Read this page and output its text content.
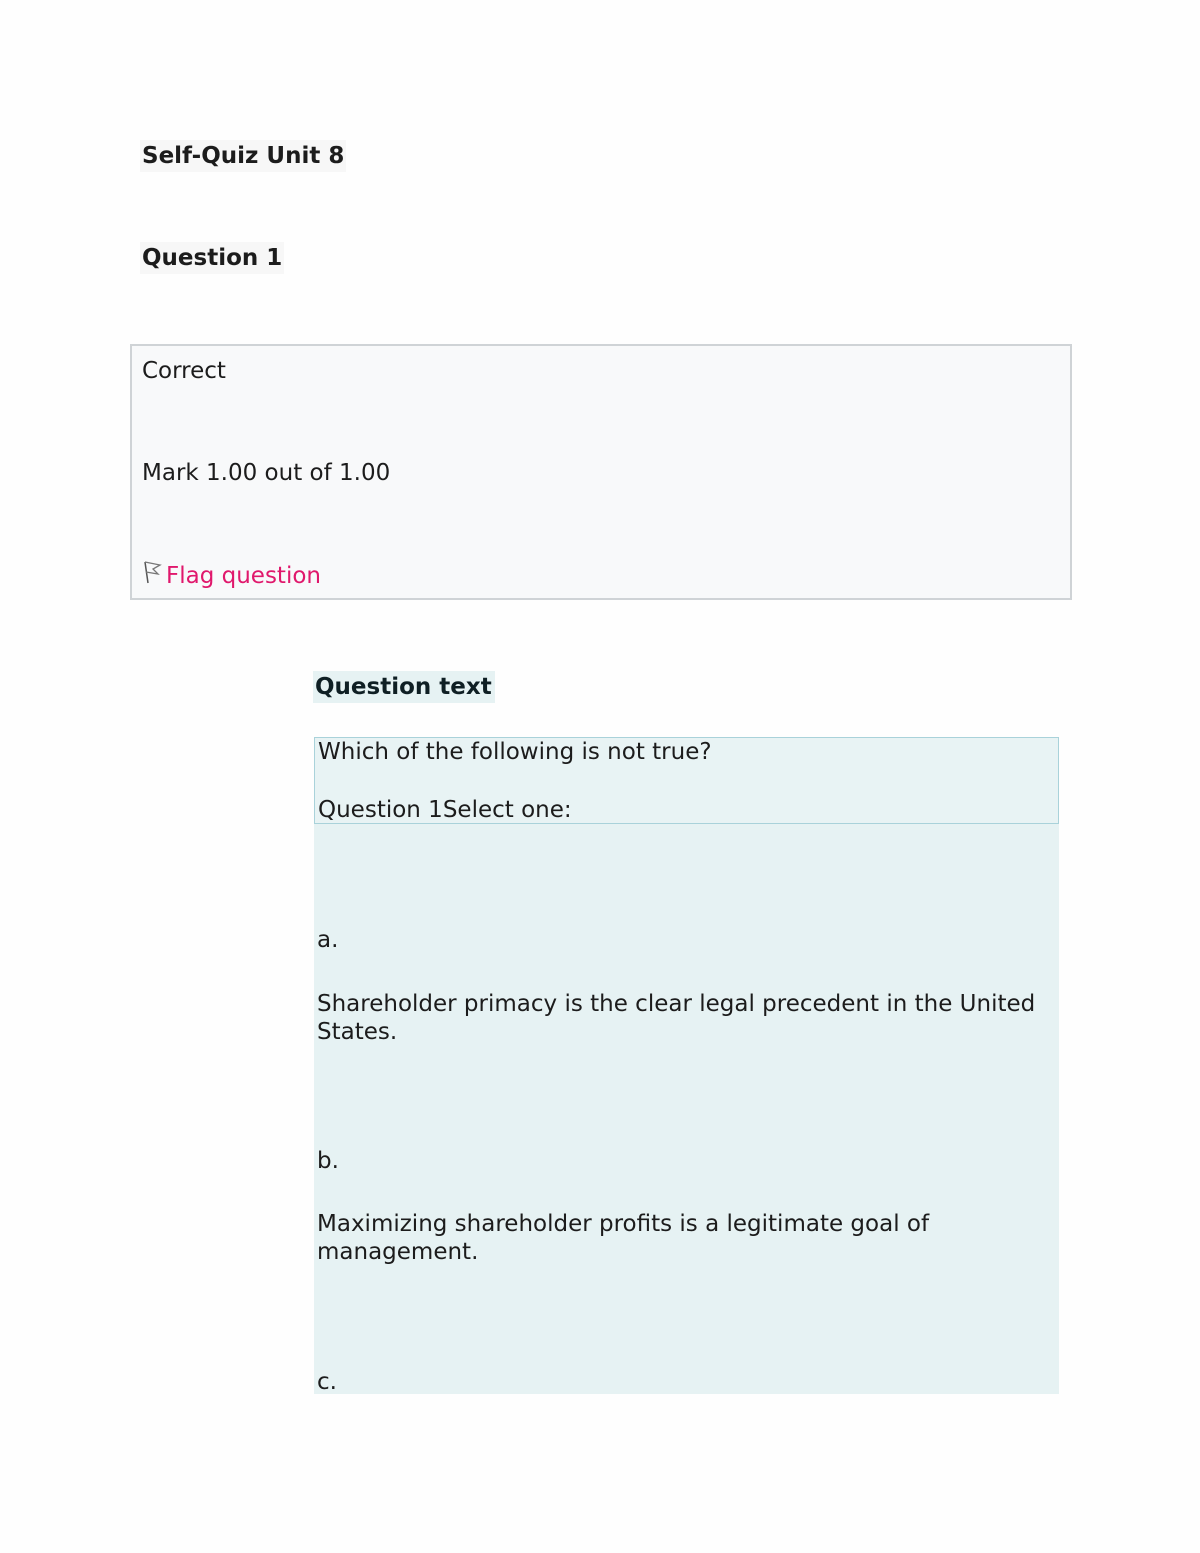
Self-Quiz Unit 8
Question 1
Correct
Mark 1.00 out of 1.00
Flag question
Question text
Which of the following is not true?
Question 1Select one:
a.
Shareholder primacy is the clear legal precedent in the United States.
b.
Maximizing shareholder profits is a legitimate goal of management.
c.
